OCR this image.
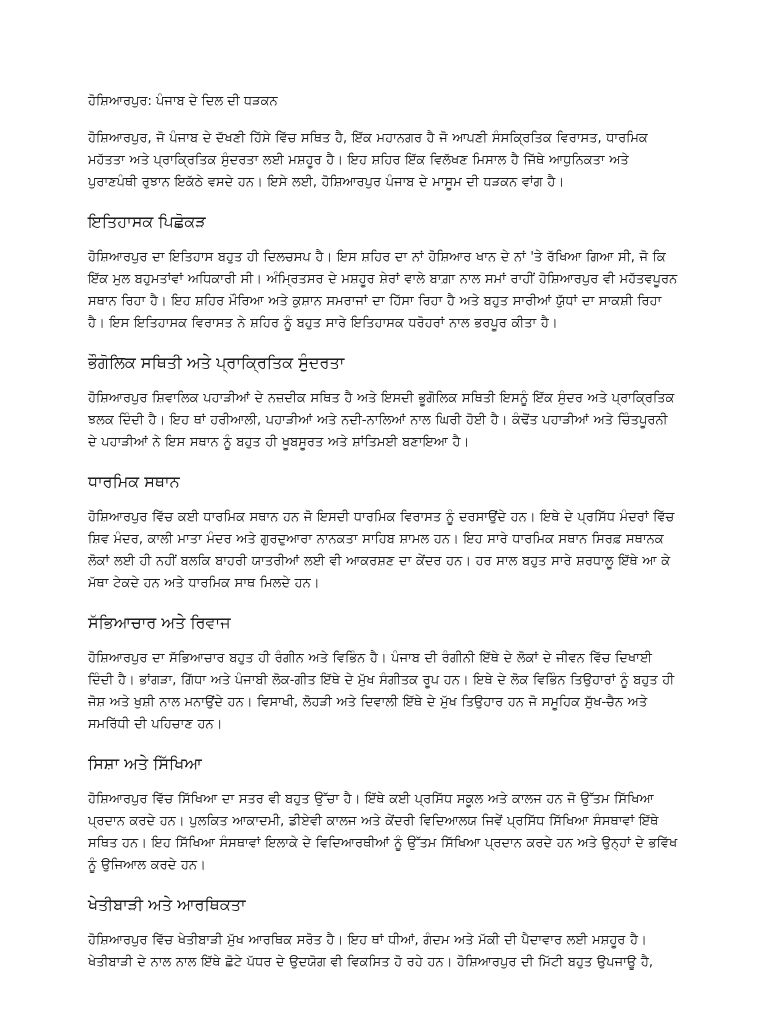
ਹੋਸ਼ਿਆਰਪੁਰ: ਪੰਜਾਬ ਦੇ ਦਿਲ ਦੀ ਧੜਕਨ

ਹੋਸ਼ਿਆਰਪੁਰ, ਜੋ ਪੰਜਾਬ ਦੇ ਦੱਖਣੀ ਹਿੱਸੇ ਵਿੱਚ ਸਥਿਤ ਹੈ, ਇੱਕ ਮਹਾਨਗਰ ਹੈ ਜੋ ਆਪਣੀ ਸੰਸਕ੍ਰਿਤਿਕ ਵਿਰਾਸਤ, ਧਾਰਮਿਕ ਮਹੱਤਤਾ ਅਤੇ ਪ੍ਰਾਕ੍ਰਿਤਿਕ ਸੁੰਦਰਤਾ ਲਈ ਮਸ਼ਹੂਰ ਹੈ। ਇਹ ਸ਼ਹਿਰ ਇੱਕ ਵਿਲੱਖਣ ਮਿਸਾਲ ਹੈ ਜਿੱਥੇ ਆਧੁਨਿਕਤਾ ਅਤੇ ਪੁਰਾਣਪੰਥੀ ਰੁਝਾਨ ਇਕੱਠੇ ਵਸਦੇ ਹਨ। ਇਸੇ ਲਈ, ਹੋਸ਼ਿਆਰਪੁਰ ਪੰਜਾਬ ਦੇ ਮਾਸੂਮ ਦੀ ਧੜਕਨ ਵਾਂਗ ਹੈ।

ਇਤਿਹਾਸਕ ਪਿਛੋਕੜ

ਹੋਸ਼ਿਆਰਪੁਰ ਦਾ ਇਤਿਹਾਸ ਬਹੁਤ ਹੀ ਦਿਲਚਸਪ ਹੈ। ਇਸ ਸ਼ਹਿਰ ਦਾ ਨਾਂ ਹੋਸ਼ਿਆਰ ਖਾਨ ਦੇ ਨਾਂ 'ਤੇ ਰੱਖਿਆ ਗਿਆ ਸੀ, ਜੋ ਕਿ ਇੱਕ ਮੁਲ ਬਹੁਮਤਾਂਵਾਂ ਅਧਿਕਾਰੀ ਸੀ। ਅੰਮ੍ਰਿਤਸਰ ਦੇ ਮਸ਼ਹੂਰ ਸ਼ੇਰਾਂ ਵਾਲੇ ਬਾਗ਼ਾ ਨਾਲ ਸਮਾਂ ਰਾਹੀਂ ਹੋਸ਼ਿਆਰਪੁਰ ਵੀ ਮਹੱਤਵਪੂਰਨ ਸਥਾਨ ਰਿਹਾ ਹੈ। ਇਹ ਸ਼ਹਿਰ ਮੌਰਿਆ ਅਤੇ ਕੁਸ਼ਾਨ ਸਮਰਾਜਾਂ ਦਾ ਹਿੱਸਾ ਰਿਹਾ ਹੈ ਅਤੇ ਬਹੁਤ ਸਾਰੀਆਂ ਯੁੱਧਾਂ ਦਾ ਸਾਕਸ਼ੀ ਰਿਹਾ ਹੈ। ਇਸ ਇਤਿਹਾਸਕ ਵਿਰਾਸਤ ਨੇ ਸ਼ਹਿਰ ਨੂੰ ਬਹੁਤ ਸਾਰੇ ਇਤਿਹਾਸਕ ਧਰੋਹਰਾਂ ਨਾਲ ਭਰਪੂਰ ਕੀਤਾ ਹੈ।

ਭੌਗੋਲਿਕ ਸਥਿਤੀ ਅਤੇ ਪ੍ਰਾਕ੍ਰਿਤਿਕ ਸੁੰਦਰਤਾ

ਹੋਸ਼ਿਆਰਪੁਰ ਸ਼ਿਵਾਲਿਕ ਪਹਾੜੀਆਂ ਦੇ ਨਜ਼ਦੀਕ ਸਥਿਤ ਹੈ ਅਤੇ ਇਸਦੀ ਭੂਗੋਲਿਕ ਸਥਿਤੀ ਇਸਨੂੰ ਇੱਕ ਸੁੰਦਰ ਅਤੇ ਪ੍ਰਾਕ੍ਰਿਤਿਕ ਝਲਕ ਦਿੰਦੀ ਹੈ। ਇਹ ਥਾਂ ਹਰੀਆਲੀ, ਪਹਾੜੀਆਂ ਅਤੇ ਨਦੀ-ਨਾਲਿਆਂ ਨਾਲ ਘਿਰੀ ਹੋਈ ਹੈ। ਕੰਢੋਂਤ ਪਹਾੜੀਆਂ ਅਤੇ ਚਿੰਤਪੂਰਨੀ ਦੇ ਪਹਾੜੀਆਂ ਨੇ ਇਸ ਸਥਾਨ ਨੂੰ ਬਹੁਤ ਹੀ ਖੂਬਸੂਰਤ ਅਤੇ ਸ਼ਾਂਤਿਮਈ ਬਣਾਇਆ ਹੈ।

ਧਾਰਮਿਕ ਸਥਾਨ

ਹੋਸ਼ਿਆਰਪੁਰ ਵਿੱਚ ਕਈ ਧਾਰਮਿਕ ਸਥਾਨ ਹਨ ਜੋ ਇਸਦੀ ਧਾਰਮਿਕ ਵਿਰਾਸਤ ਨੂੰ ਦਰਸਾਉਂਦੇ ਹਨ। ਇਥੇ ਦੇ ਪ੍ਰਸਿੱਧ ਮੰਦਰਾਂ ਵਿੱਚ ਸ਼ਿਵ ਮੰਦਰ, ਕਾਲੀ ਮਾਤਾ ਮੰਦਰ ਅਤੇ ਗੁਰਦੁਆਰਾ ਨਾਨਕਤਾ ਸਾਹਿਬ ਸ਼ਾਮਲ ਹਨ। ਇਹ ਸਾਰੇ ਧਾਰਮਿਕ ਸਥਾਨ ਸਿਰਫ਼ ਸਥਾਨਕ ਲੋਕਾਂ ਲਈ ਹੀ ਨਹੀਂ ਬਲਕਿ ਬਾਹਰੀ ਯਾਤਰੀਆਂ ਲਈ ਵੀ ਆਕਰਸ਼ਣ ਦਾ ਕੇਂਦਰ ਹਨ। ਹਰ ਸਾਲ ਬਹੁਤ ਸਾਰੇ ਸ਼ਰਧਾਲੂ ਇੱਥੇ ਆ ਕੇ ਮੱਥਾ ਟੇਕਦੇ ਹਨ ਅਤੇ ਧਾਰਮਿਕ ਸਾਥ ਮਿਲਦੇ ਹਨ।

ਸੱਭਿਆਚਾਰ ਅਤੇ ਰਿਵਾਜ

ਹੋਸ਼ਿਆਰਪੁਰ ਦਾ ਸੱਭਿਆਚਾਰ ਬਹੁਤ ਹੀ ਰੰਗੀਨ ਅਤੇ ਵਿਭਿੰਨ ਹੈ। ਪੰਜਾਬ ਦੀ ਰੰਗੀਨੀ ਇੱਥੇ ਦੇ ਲੋਕਾਂ ਦੇ ਜੀਵਨ ਵਿੱਚ ਦਿਖਾਈ ਦਿੰਦੀ ਹੈ। ਭਾਂਗੜਾ, ਗਿੱਧਾ ਅਤੇ ਪੰਜਾਬੀ ਲੋਕ-ਗੀਤ ਇੱਥੇ ਦੇ ਮੁੱਖ ਸੰਗੀਤਕ ਰੂਪ ਹਨ। ਇਥੇ ਦੇ ਲੋਕ ਵਿਭਿੰਨ ਤਿਉਹਾਰਾਂ ਨੂੰ ਬਹੁਤ ਹੀ ਜੋਸ਼ ਅਤੇ ਖੁਸ਼ੀ ਨਾਲ ਮਨਾਉਂਦੇ ਹਨ। ਵਿਸਾਖੀ, ਲੋਹੜੀ ਅਤੇ ਦਿਵਾਲੀ ਇੱਥੇ ਦੇ ਮੁੱਖ ਤਿਉਹਾਰ ਹਨ ਜੋ ਸਮੂਹਿਕ ਸੁੱਖ-ਚੈਨ ਅਤੇ ਸਮਰਿੱਧੀ ਦੀ ਪਹਿਚਾਣ ਹਨ।

ਸਿਸ਼ਾ ਅਤੇ ਸਿੱਖਿਆ

ਹੋਸ਼ਿਆਰਪੁਰ ਵਿੱਚ ਸਿੱਖਿਆ ਦਾ ਸਤਰ ਵੀ ਬਹੁਤ ਉੱਚਾ ਹੈ। ਇੱਥੇ ਕਈ ਪ੍ਰਸਿੱਧ ਸਕੂਲ ਅਤੇ ਕਾਲਜ ਹਨ ਜੋ ਉੱਤਮ ਸਿੱਖਿਆ ਪ੍ਰਦਾਨ ਕਰਦੇ ਹਨ। ਪੁਲਕਿਤ ਆਕਾਦਮੀ, ਡੀਏਵੀ ਕਾਲਜ ਅਤੇ ਕੇਂਦਰੀ ਵਿਦਿਆਲਯ ਜਿਵੇਂ ਪ੍ਰਸਿੱਧ ਸਿੱਖਿਆ ਸੰਸਥਾਵਾਂ ਇੱਥੇ ਸਥਿਤ ਹਨ। ਇਹ ਸਿੱਖਿਆ ਸੰਸਥਾਵਾਂ ਇਲਾਕੇ ਦੇ ਵਿਦਿਆਰਥੀਆਂ ਨੂੰ ਉੱਤਮ ਸਿੱਖਿਆ ਪ੍ਰਦਾਨ ਕਰਦੇ ਹਨ ਅਤੇ ਉਨ੍ਹਾਂ ਦੇ ਭਵਿੱਖ ਨੂੰ ਉਜਿਆਲ ਕਰਦੇ ਹਨ।

ਖੇਤੀਬਾੜੀ ਅਤੇ ਆਰਥਿਕਤਾ

ਹੋਸ਼ਿਆਰਪੁਰ ਵਿੱਚ ਖੇਤੀਬਾੜੀ ਮੁੱਖ ਆਰਥਿਕ ਸਰੋਤ ਹੈ। ਇਹ ਥਾਂ ਧੀਆਂ, ਗੰਦਮ ਅਤੇ ਮੱਕੀ ਦੀ ਪੈਦਾਵਾਰ ਲਈ ਮਸ਼ਹੂਰ ਹੈ। ਖੇਤੀਬਾੜੀ ਦੇ ਨਾਲ ਨਾਲ ਇੱਥੇ ਛੋਟੇ ਪੱਧਰ ਦੇ ਉਦਯੋਗ ਵੀ ਵਿਕਸਿਤ ਹੋ ਰਹੇ ਹਨ। ਹੋਸ਼ਿਆਰਪੁਰ ਦੀ ਮਿੱਟੀ ਬਹੁਤ ਉਪਜਾਊ ਹੈ,
